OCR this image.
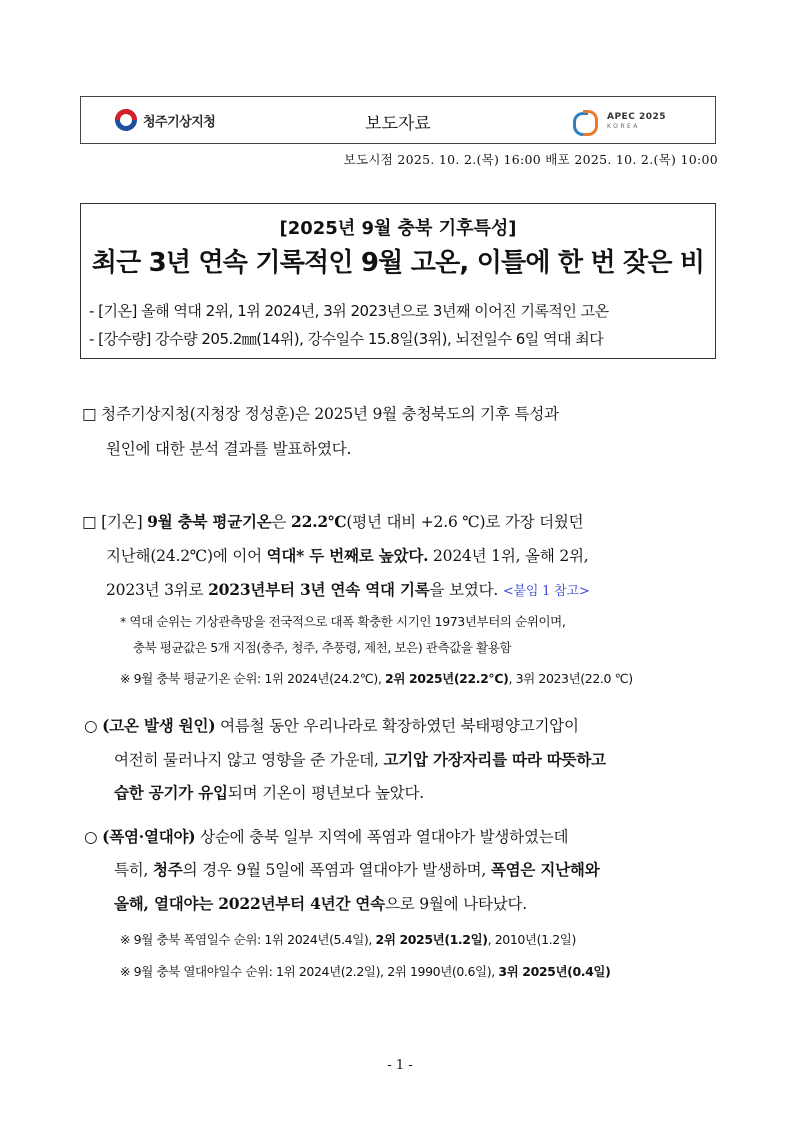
청주기상지청	보도자료	APEC 2025
KOREA
보도시점 2025. 10. 2.(목) 16:00 배포 2025. 10. 2.(목) 10:00
[2025년 9월 충북 기후특성]
최근 3년 연속 기록적인 9월 고온, 이틀에 한 번 잦은 비
- [기온] 올해 역대 2위, 1위 2024년, 3위 2023년으로 3년째 이어진 기록적인 고온
- [강수량] 강수량 205.2㎜(14위), 강수일수 15.8일(3위), 뇌전일수 6일 역대 최다
□ 청주기상지청(지청장 정성훈)은 2025년 9월 충청북도의 기후 특성과
원인에 대한 분석 결과를 발표하였다.
□ [기온] 9월 충북 평균기온은 22.2℃(평년 대비 +2.6 ℃)로 가장 더웠던
지난해(24.2℃)에 이어 역대* 두 번째로 높았다. 2024년 1위, 올해 2위,
2023년 3위로 2023년부터 3년 연속 역대 기록을 보였다. <붙임 1 참고>
* 역대 순위는 기상관측망을 전국적으로 대폭 확충한 시기인 1973년부터의 순위이며,
충북 평균값은 5개 지점(충주, 청주, 추풍령, 제천, 보은) 관측값을 활용함
※ 9월 충북 평균기온 순위: 1위 2024년(24.2℃), 2위 2025년(22.2℃), 3위 2023년(22.0 ℃)
○ (고온 발생 원인) 여름철 동안 우리나라로 확장하였던 북태평양고기압이
여전히 물러나지 않고 영향을 준 가운데, 고기압 가장자리를 따라 따뜻하고
습한 공기가 유입되며 기온이 평년보다 높았다.
○ (폭염·열대야) 상순에 충북 일부 지역에 폭염과 열대야가 발생하였는데
특히, 청주의 경우 9월 5일에 폭염과 열대야가 발생하며, 폭염은 지난해와
올해, 열대야는 2022년부터 4년간 연속으로 9월에 나타났다.
※ 9월 충북 폭염일수 순위: 1위 2024년(5.4일), 2위 2025년(1.2일), 2010년(1.2일)
※ 9월 충북 열대야일수 순위: 1위 2024년(2.2일), 2위 1990년(0.6일), 3위 2025년(0.4일)
- 1 -
